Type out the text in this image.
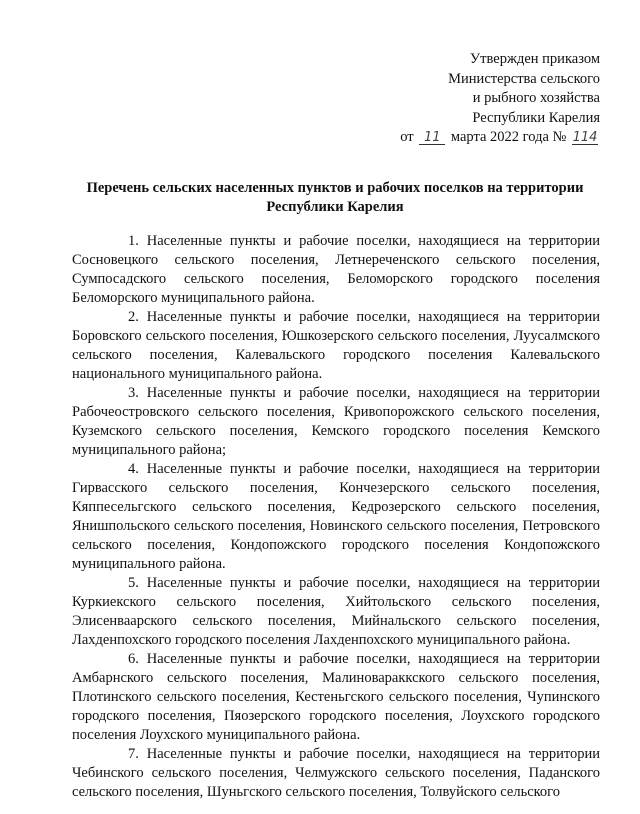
Утвержден приказом
Министерства сельского
и рыбного хозяйства
Республики Карелия
от 11 марта 2022 года № 114
Перечень сельских населенных пунктов и рабочих поселков на территории
Республики Карелия

1. Населенные пункты и рабочие поселки, находящиеся на территории Сосновецкого сельского поселения, Летнереченского сельского поселения, Сумпосадского сельского поселения, Беломорского городского поселения Беломорского муниципального района.

2. Населенные пункты и рабочие поселки, находящиеся на территории Боровского сельского поселения, Юшкозерского сельского поселения, Луусалмского сельского поселения, Калевальского городского поселения Калевальского национального муниципального района.

3. Населенные пункты и рабочие поселки, находящиеся на территории Рабочеостровского сельского поселения, Кривопорожского сельского поселения, Куземского сельского поселения, Кемского городского поселения Кемского муниципального района;

4. Населенные пункты и рабочие поселки, находящиеся на территории Гирвасского сельского поселения, Кончезерского сельского поселения, Кяппесельгского сельского поселения, Кедрозерского сельского поселения, Янишпольского сельского поселения, Новинского сельского поселения, Петровского сельского поселения, Кондопожского городского поселения Кондопожского муниципального района.

5. Населенные пункты и рабочие поселки, находящиеся на территории Куркиекского сельского поселения, Хийтольского сельского поселения, Элисенваарского сельского поселения, Мийнальского сельского поселения, Лахденпохского городского поселения Лахденпохского муниципального района.

6. Населенные пункты и рабочие поселки, находящиеся на территории Амбарнского сельского поселения, Малиновараккского сельского поселения, Плотинского сельского поселения, Кестеньгского сельского поселения, Чупинского городского поселения, Пяозерского городского поселения, Лоухского городского поселения Лоухского муниципального района.

7. Населенные пункты и рабочие поселки, находящиеся на территории Чебинского сельского поселения, Челмужского сельского поселения, Паданского сельского поселения, Шуньгского сельского поселения, Толвуйского сельского
